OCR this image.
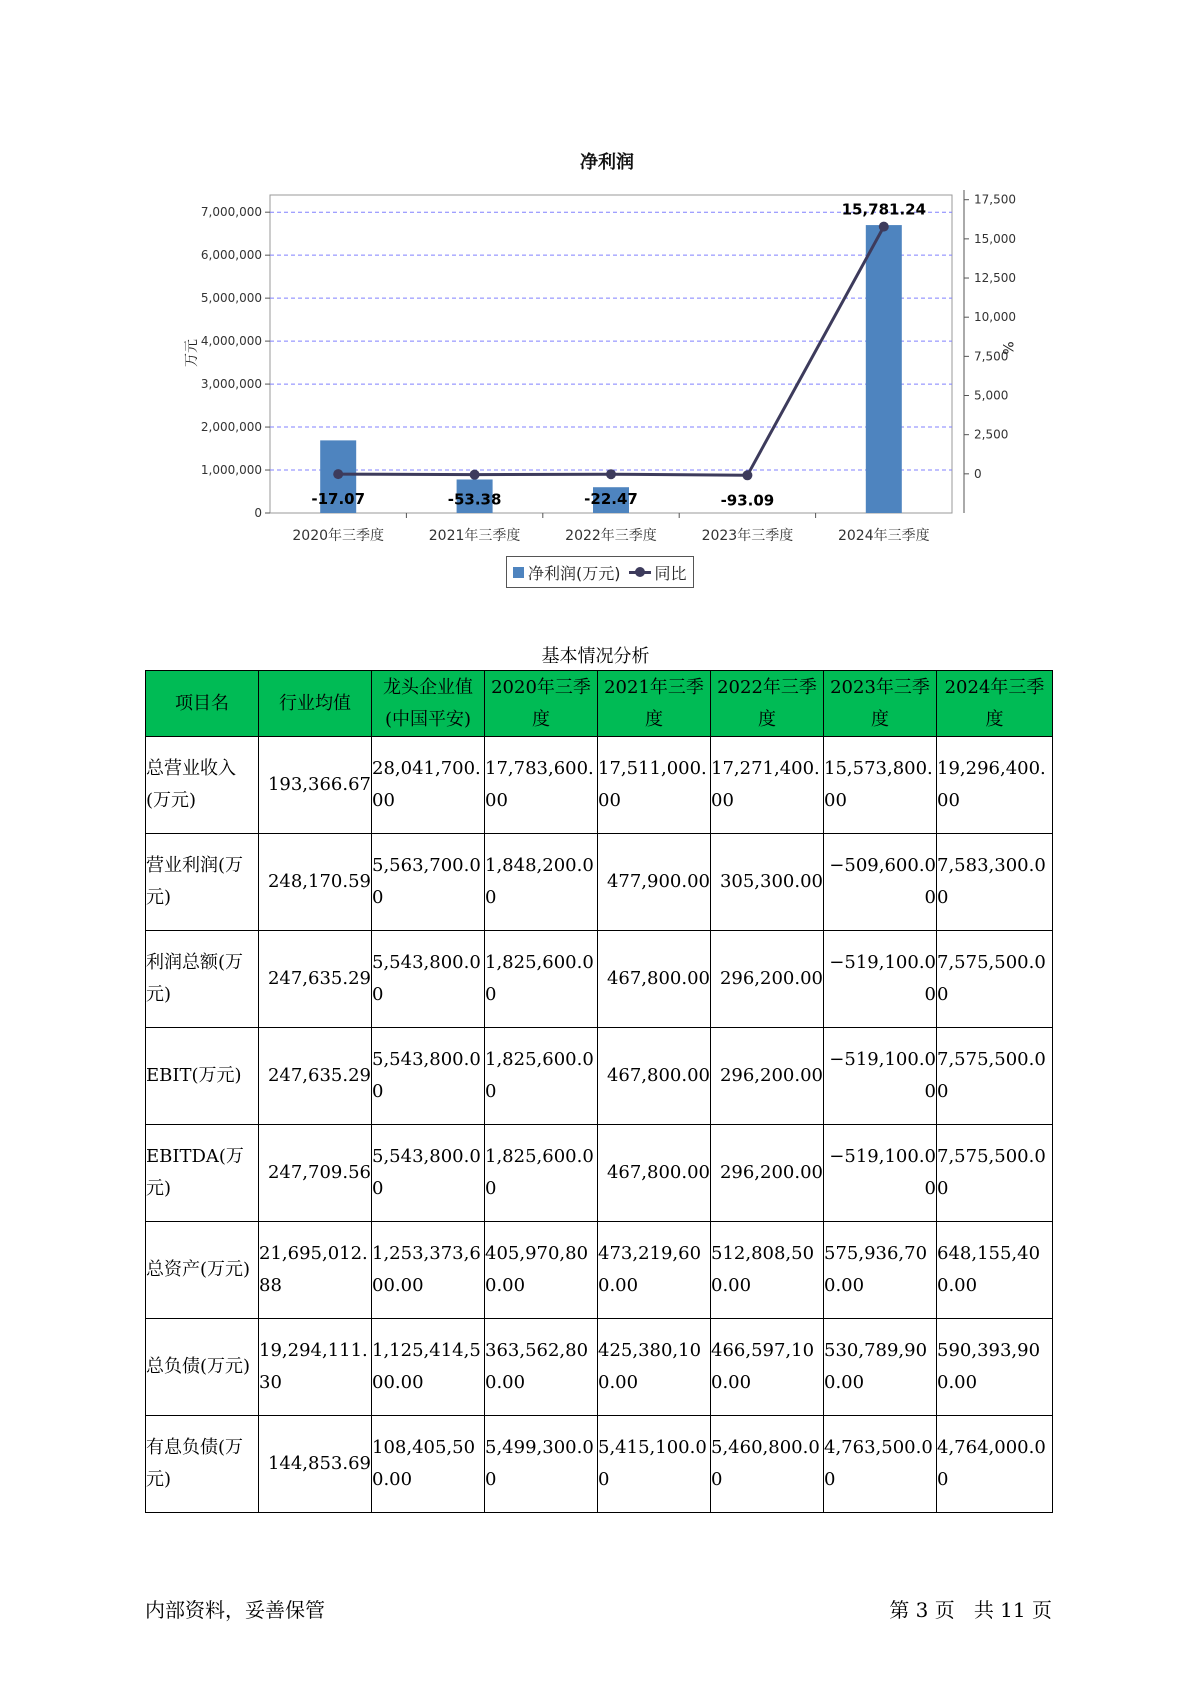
0
1,000,000
2,000,000
3,000,000
4,000,000
5,000,000
6,000,000
7,000,000
0
2,500
5,000
7,500
10,000
12,500
15,000
17,500
2020年三季度	2021年三季度	2022年三季度	2023年三季度	2024年三季度
-17.07	-53.38	-22.47	-93.09
15,781.24
净利润
万元	%
净利润(万元) 同比
基本情况分析
项目名	行业均值	龙头企业值(中国平安)	2020年三季度	2021年三季度	2022年三季度	2023年三季度	2024年三季度
总营业收入(万元)	193,366.67	28,041,700.00	17,783,600.00	17,511,000.00	17,271,400.00	15,573,800.00	19,296,400.00
营业利润(万元)	248,170.59	5,563,700.00	1,848,200.00	477,900.00	305,300.00	−509,600.00	7,583,300.00
利润总额(万元)	247,635.29	5,543,800.00	1,825,600.00	467,800.00	296,200.00	−519,100.00	7,575,500.00
EBIT(万元)	247,635.29	5,543,800.00	1,825,600.00	467,800.00	296,200.00	−519,100.00	7,575,500.00
EBITDA(万元)	247,709.56	5,543,800.00	1,825,600.00	467,800.00	296,200.00	−519,100.00	7,575,500.00
总资产(万元)	21,695,012.88	1,253,373,600.00	405,970,800.00	473,219,600.00	512,808,500.00	575,936,700.00	648,155,400.00
总负债(万元)	19,294,111.30	1,125,414,500.00	363,562,800.00	425,380,100.00	466,597,100.00	530,789,900.00	590,393,900.00
有息负债(万元)	144,853.69	108,405,500.00	5,499,300.00	5,415,100.00	5,460,800.00	4,763,500.00	4,764,000.00
内部资料，妥善保管	第 3 页   共 11 页
